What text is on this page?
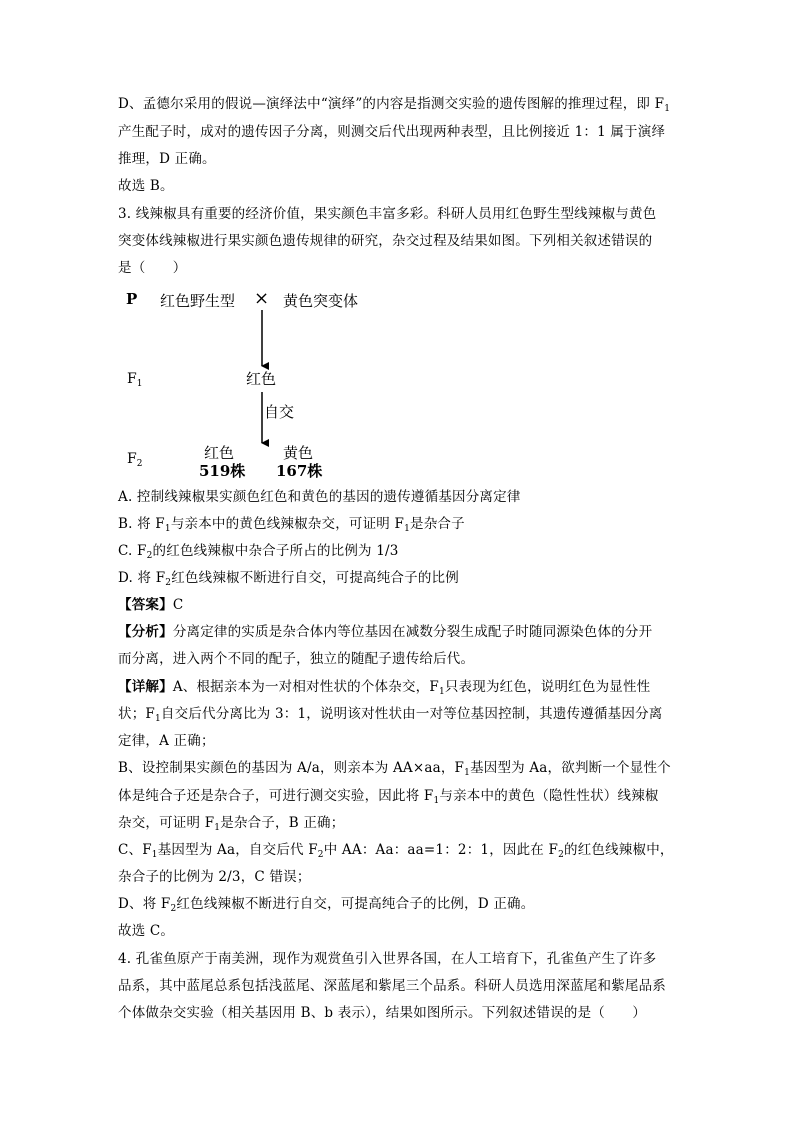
D、孟德尔采用的假说—演绎法中“演绎”的内容是指测交实验的遗传图解的推理过程，即 $F_1$
产生配子时，成对的遗传因子分离，则测交后代出现两种表型，且比例接近 1：1 属于演绎
推理，D 正确。
故选 B。
3. 线辣椒具有重要的经济价值，果实颜色丰富多彩。科研人员用红色野生型线辣椒与黄色
突变体线辣椒进行果实颜色遗传规律的研究，杂交过程及结果如图。下列相关叙述错误的
是（　　）
P 红色野生型 × 黄色突变体
$F_1$	红色
自交
$F_2$
红色
519株
黄色
167株
A. 控制线辣椒果实颜色红色和黄色的基因的遗传遵循基因分离定律
B. 将 $F_1$与亲本中的黄色线辣椒杂交，可证明 $F_1$是杂合子
C. $F_2$的红色线辣椒中杂合子所占的比例为 1/3
D. 将 $F_2$红色线辣椒不断进行自交，可提高纯合子的比例
【答案】C
【分析】分离定律的实质是杂合体内等位基因在减数分裂生成配子时随同源染色体的分开
而分离，进入两个不同的配子，独立的随配子遗传给后代。
【详解】A、根据亲本为一对相对性状的个体杂交，$F_1$只表现为红色，说明红色为显性性
状；$F_1$自交后代分离比为 3：1，说明该对性状由一对等位基因控制，其遗传遵循基因分离
定律，A 正确；
B、设控制果实颜色的基因为 A/a，则亲本为 AA×aa，$F_1$基因型为 Aa，欲判断一个显性个
体是纯合子还是杂合子，可进行测交实验，因此将 $F_1$与亲本中的黄色（隐性性状）线辣椒
杂交，可证明 $F_1$是杂合子，B 正确；
C、$F_1$基因型为 Aa，自交后代 $F_2$中 AA：Aa：aa=1：2：1，因此在 $F_2$的红色线辣椒中，
杂合子的比例为 2/3，C 错误；
D、将 $F_2$红色线辣椒不断进行自交，可提高纯合子的比例，D 正确。
故选 C。
4. 孔雀鱼原产于南美洲，现作为观赏鱼引入世界各国，在人工培育下，孔雀鱼产生了许多
品系，其中蓝尾总系包括浅蓝尾、深蓝尾和紫尾三个品系。科研人员选用深蓝尾和紫尾品系
个体做杂交实验（相关基因用 B、b 表示），结果如图所示。下列叙述错误的是（　　）
